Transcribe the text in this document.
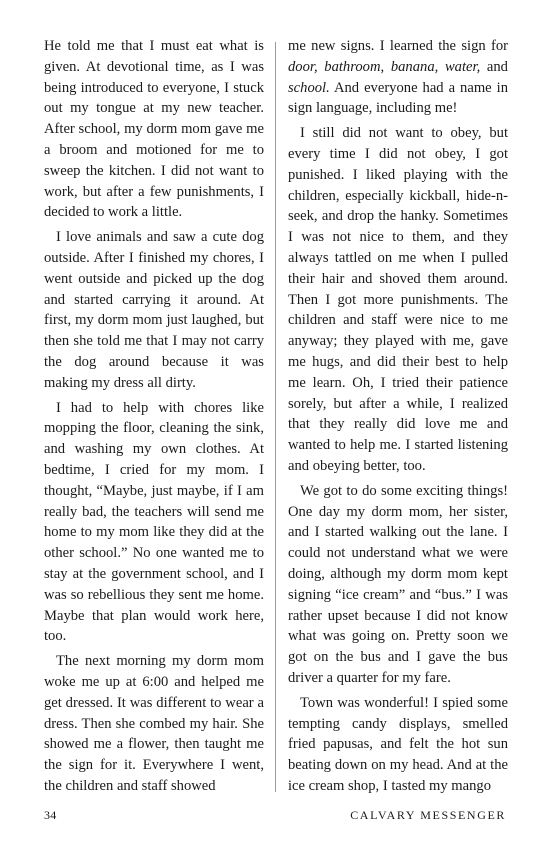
He told me that I must eat what is given. At devotional time, as I was being introduced to everyone, I stuck out my tongue at my new teacher. After school, my dorm mom gave me a broom and motioned for me to sweep the kitchen. I did not want to work, but after a few punishments, I decided to work a little.

I love animals and saw a cute dog outside. After I finished my chores, I went outside and picked up the dog and started carrying it around. At first, my dorm mom just laughed, but then she told me that I may not carry the dog around because it was making my dress all dirty.

I had to help with chores like mopping the floor, cleaning the sink, and washing my own clothes. At bedtime, I cried for my mom. I thought, “Maybe, just maybe, if I am really bad, the teachers will send me home to my mom like they did at the other school.” No one wanted me to stay at the government school, and I was so rebellious they sent me home. Maybe that plan would work here, too.

The next morning my dorm mom woke me up at 6:00 and helped me get dressed. It was different to wear a dress. Then she combed my hair. She showed me a flower, then taught me the sign for it. Everywhere I went, the children and staff showed

me new signs. I learned the sign for door, bathroom, banana, water, and school. And everyone had a name in sign language, including me!

I still did not want to obey, but every time I did not obey, I got punished. I liked playing with the children, especially kickball, hide-n-seek, and drop the hanky. Sometimes I was not nice to them, and they always tattled on me when I pulled their hair and shoved them around. Then I got more punishments. The children and staff were nice to me anyway; they played with me, gave me hugs, and did their best to help me learn. Oh, I tried their patience sorely, but after a while, I realized that they really did love me and wanted to help me. I started listening and obeying better, too.

We got to do some exciting things! One day my dorm mom, her sister, and I started walking out the lane. I could not understand what we were doing, although my dorm mom kept signing “ice cream” and “bus.” I was rather upset because I did not know what was going on. Pretty soon we got on the bus and I gave the bus driver a quarter for my fare.

Town was wonderful! I spied some tempting candy displays, smelled fried papusas, and felt the hot sun beating down on my head. And at the ice cream shop, I tasted my mango

34	CALVARY MESSENGER
